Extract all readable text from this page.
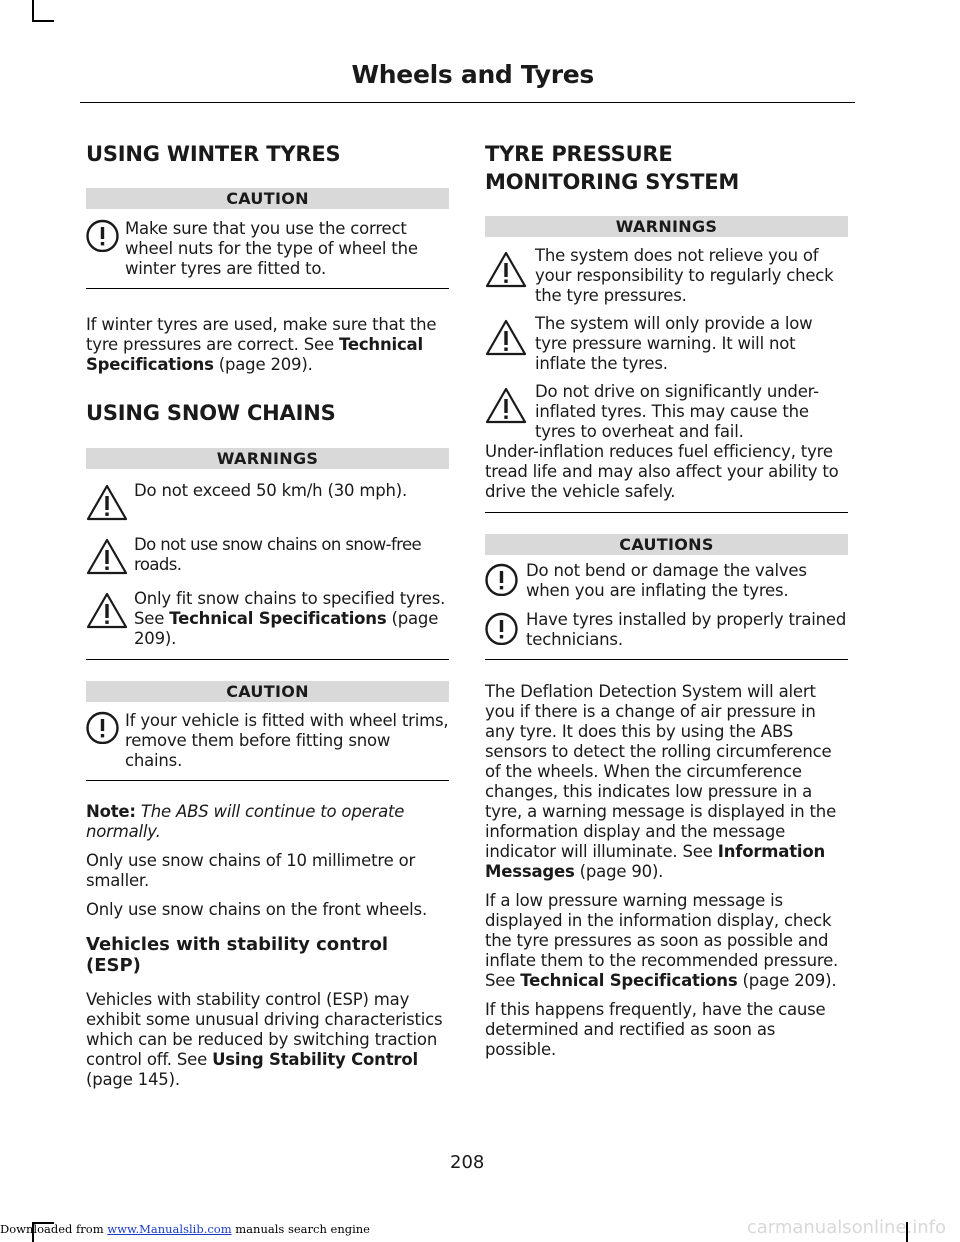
Wheels and Tyres
USING WINTER TYRES
CAUTION

Make sure that you use the correct wheel nuts for the type of wheel the winter tyres are fitted to.

If winter tyres are used, make sure that the tyre pressures are correct. See Technical Specifications (page 209).

USING SNOW CHAINS
WARNINGS

Do not exceed 50 km/h (30 mph).

Do not use snow chains on snow-free roads.

Only fit snow chains to specified tyres. See Technical Specifications (page 209).

CAUTION

If your vehicle is fitted with wheel trims, remove them before fitting snow chains.

Note: The ABS will continue to operate normally.

Only use snow chains of 10 millimetre or smaller.

Only use snow chains on the front wheels.

Vehicles with stability control (ESP)

Vehicles with stability control (ESP) may exhibit some unusual driving characteristics which can be reduced by switching traction control off. See Using Stability Control (page 145).

TYRE PRESSURE
MONITORING SYSTEM
WARNINGS

The system does not relieve you of your responsibility to regularly check the tyre pressures.

The system will only provide a low tyre pressure warning. It will not inflate the tyres.

Do not drive on significantly under-inflated tyres. This may cause the tyres to overheat and fail.

Under-inflation reduces fuel efficiency, tyre tread life and may also affect your ability to drive the vehicle safely.

CAUTIONS

Do not bend or damage the valves when you are inflating the tyres.

Have tyres installed by properly trained technicians.

The Deflation Detection System will alert you if there is a change of air pressure in any tyre. It does this by using the ABS sensors to detect the rolling circumference of the wheels. When the circumference changes, this indicates low pressure in a tyre, a warning message is displayed in the information display and the message indicator will illuminate. See Information Messages (page 90).

If a low pressure warning message is displayed in the information display, check the tyre pressures as soon as possible and inflate them to the recommended pressure. See Technical Specifications (page 209).

If this happens frequently, have the cause determined and rectified as soon as possible.

208
Downloaded from www.Manualslib.com manuals search engine	carmanualsonline.info
